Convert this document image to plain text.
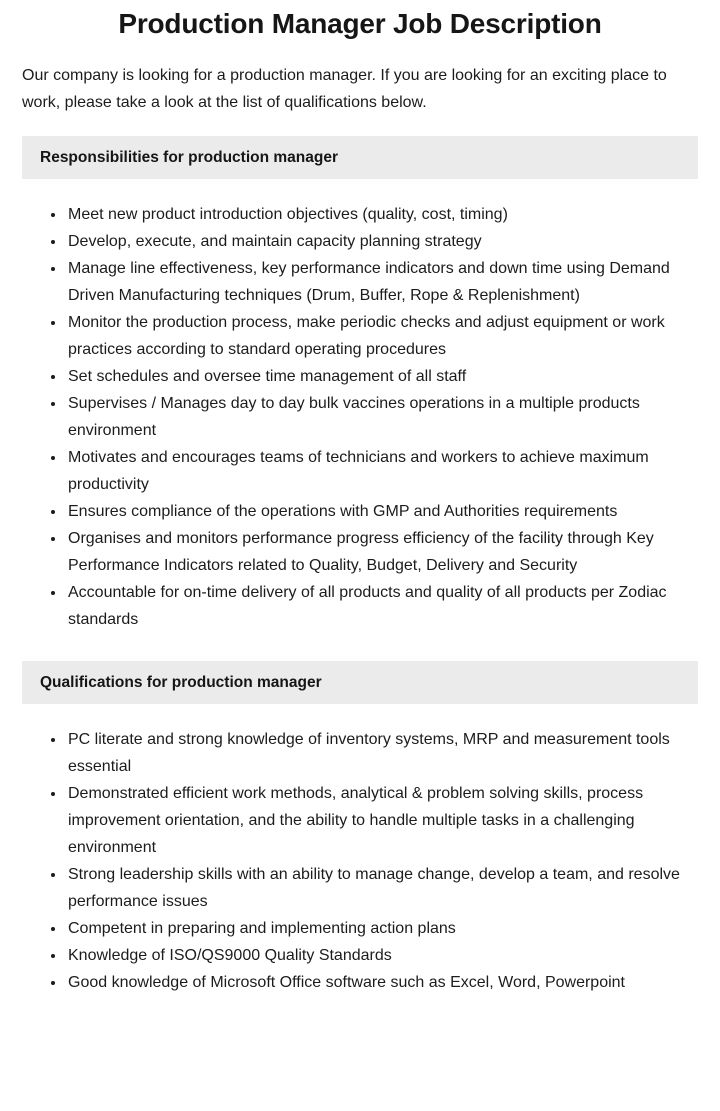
Production Manager Job Description

Our company is looking for a production manager. If you are looking for an exciting place to work, please take a look at the list of qualifications below.

Responsibilities for production manager
• Meet new product introduction objectives (quality, cost, timing)
• Develop, execute, and maintain capacity planning strategy
• Manage line effectiveness, key performance indicators and down time using Demand Driven Manufacturing techniques (Drum, Buffer, Rope & Replenishment)
• Monitor the production process, make periodic checks and adjust equipment or work practices according to standard operating procedures
• Set schedules and oversee time management of all staff
• Supervises / Manages day to day bulk vaccines operations in a multiple products environment
• Motivates and encourages teams of technicians and workers to achieve maximum productivity
• Ensures compliance of the operations with GMP and Authorities requirements
• Organises and monitors performance progress efficiency of the facility through Key Performance Indicators related to Quality, Budget, Delivery and Security
• Accountable for on-time delivery of all products and quality of all products per Zodiac standards
Qualifications for production manager
• PC literate and strong knowledge of inventory systems, MRP and measurement tools essential
• Demonstrated efficient work methods, analytical & problem solving skills, process improvement orientation, and the ability to handle multiple tasks in a challenging environment
• Strong leadership skills with an ability to manage change, develop a team, and resolve performance issues
• Competent in preparing and implementing action plans
• Knowledge of ISO/QS9000 Quality Standards
• Good knowledge of Microsoft Office software such as Excel, Word, Powerpoint
